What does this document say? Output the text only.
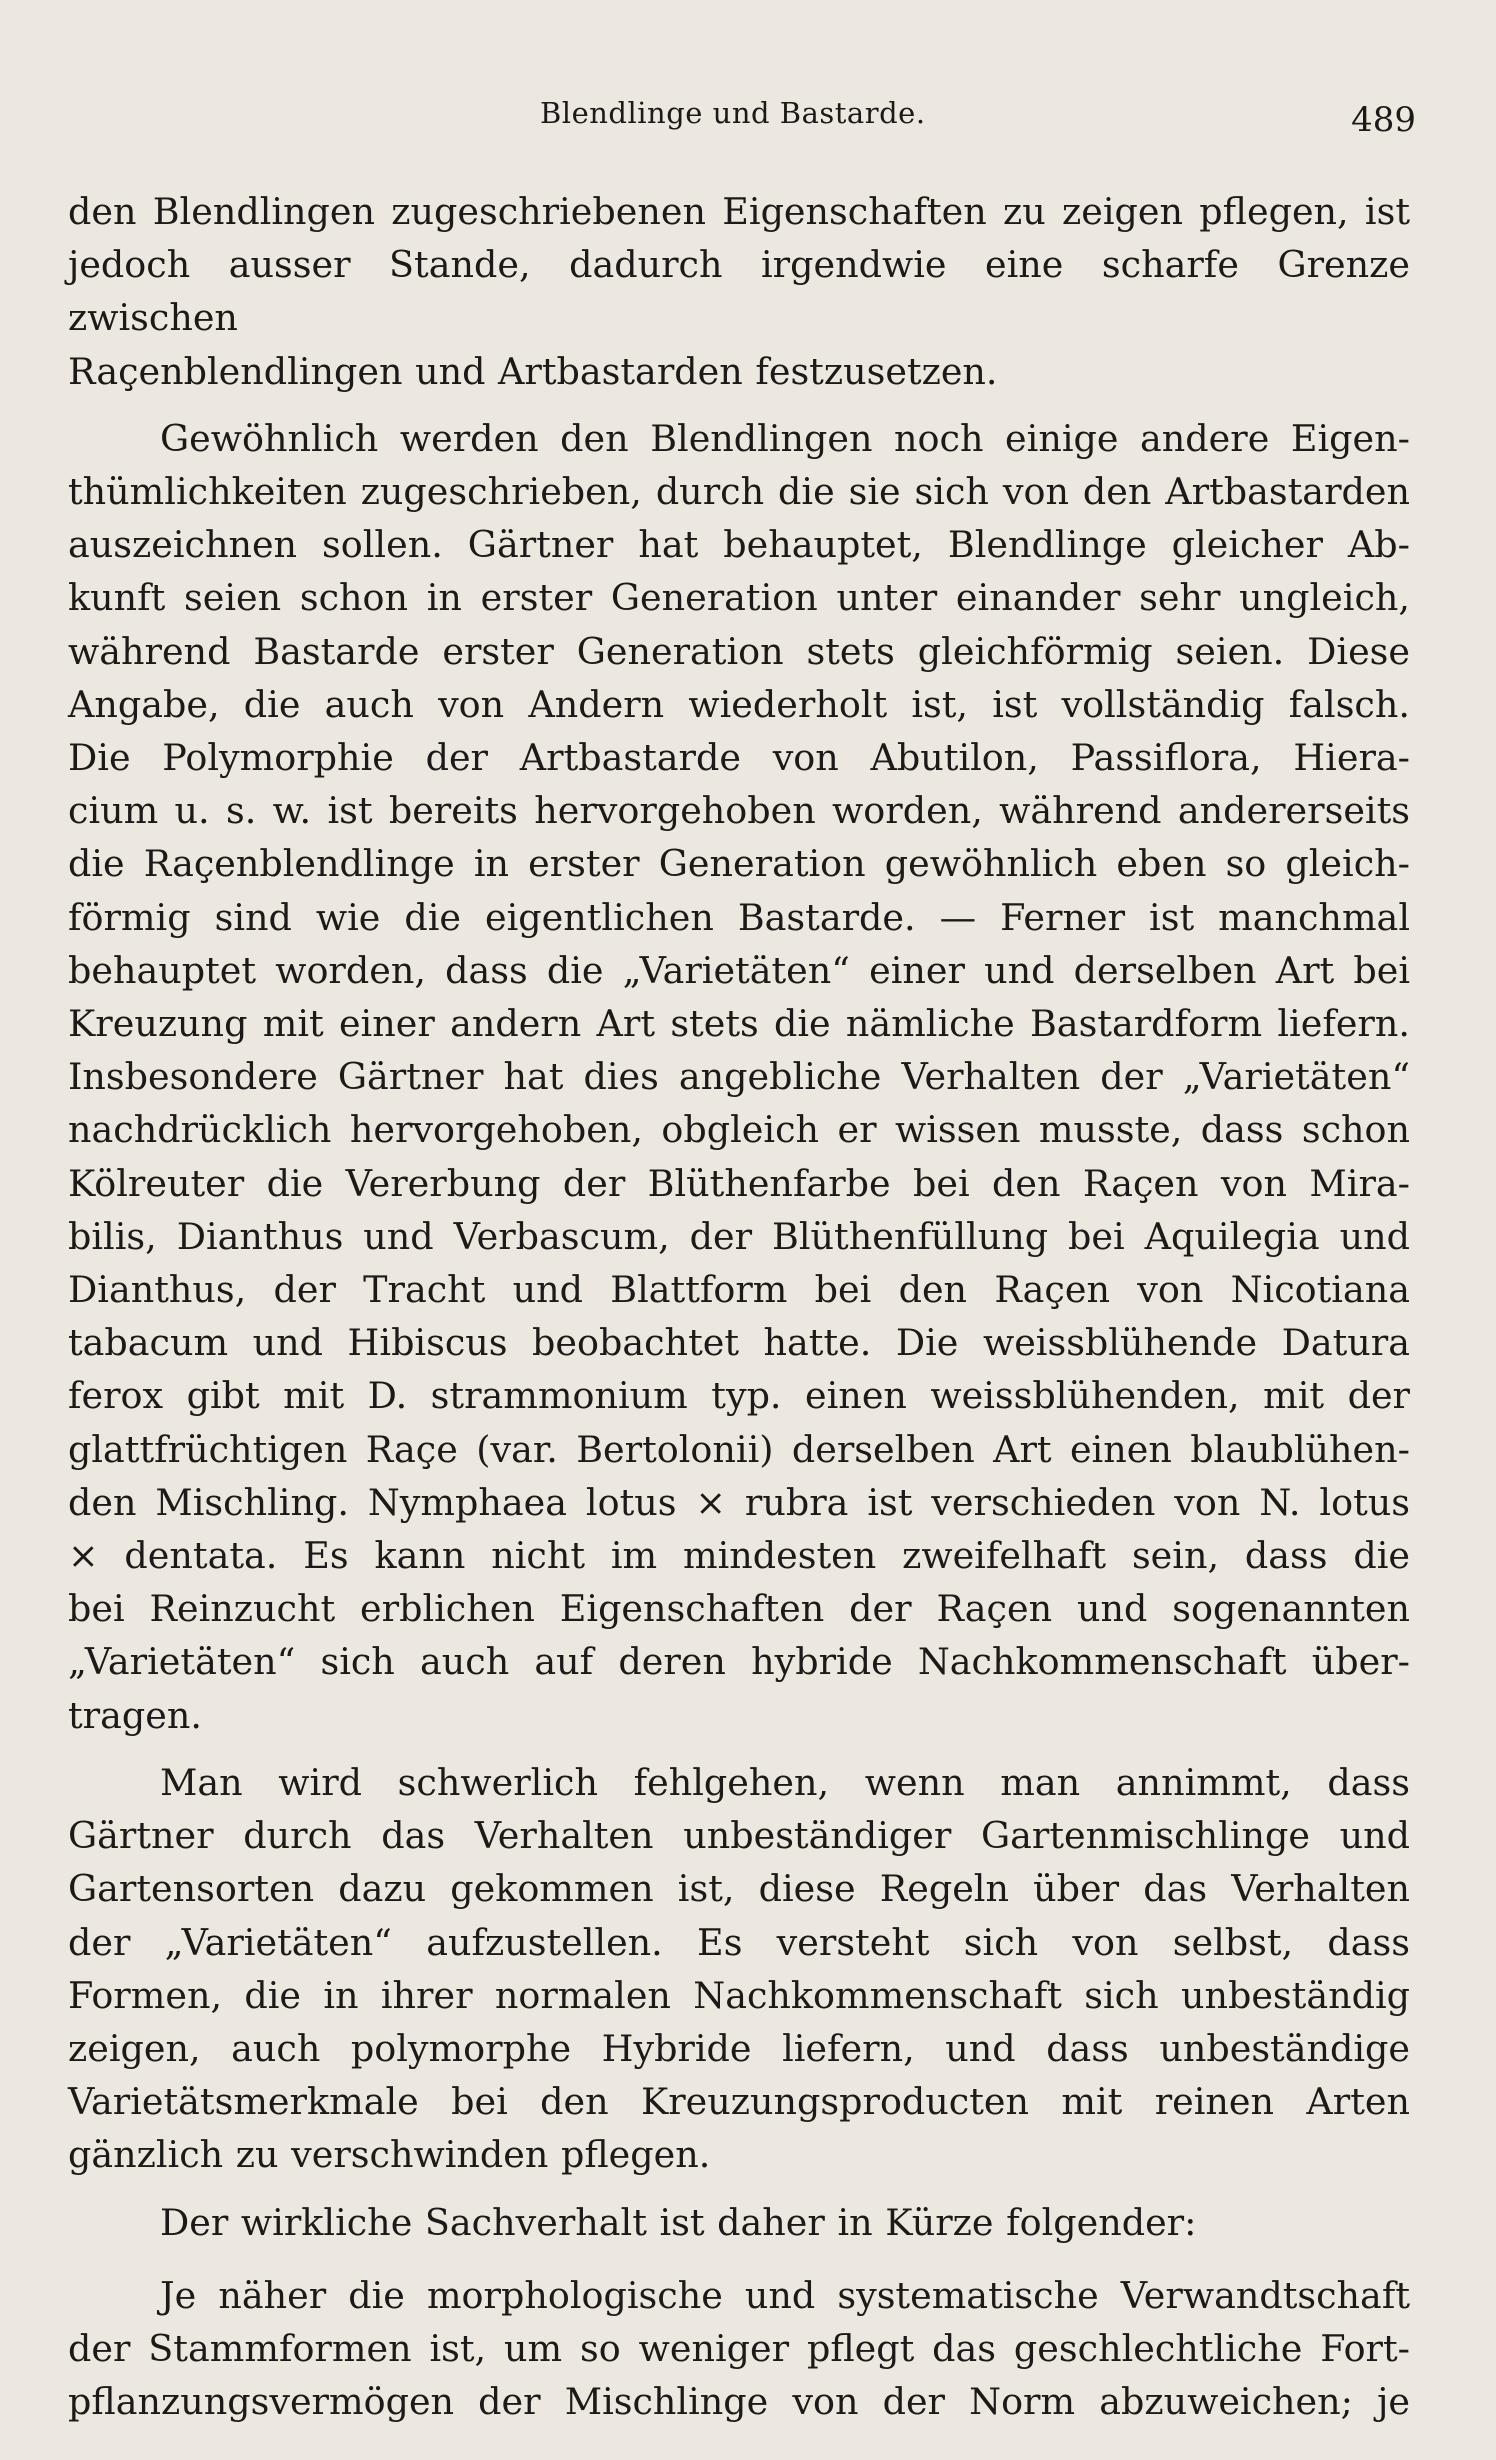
Blendlinge und Bastarde.	489

den Blendlingen zugeschriebenen Eigenschaften zu zeigen pflegen, ist
jedoch ausser Stande, dadurch irgendwie eine scharfe Grenze zwischen
Raçenblendlingen und Artbastarden festzusetzen.

Gewöhnlich werden den Blendlingen noch einige andere Eigen-
thümlichkeiten zugeschrieben, durch die sie sich von den Artbastarden
auszeichnen sollen. Gärtner hat behauptet, Blendlinge gleicher Ab-
kunft seien schon in erster Generation unter einander sehr ungleich,
während Bastarde erster Generation stets gleichförmig seien. Diese
Angabe, die auch von Andern wiederholt ist, ist vollständig falsch.
Die Polymorphie der Artbastarde von Abutilon, Passiflora, Hiera-
cium u. s. w. ist bereits hervorgehoben worden, während andererseits
die Raçenblendlinge in erster Generation gewöhnlich eben so gleich-
förmig sind wie die eigentlichen Bastarde. — Ferner ist manchmal
behauptet worden, dass die „Varietäten“ einer und derselben Art bei
Kreuzung mit einer andern Art stets die nämliche Bastardform liefern.
Insbesondere Gärtner hat dies angebliche Verhalten der „Varietäten“
nachdrücklich hervorgehoben, obgleich er wissen musste, dass schon
Kölreuter die Vererbung der Blüthenfarbe bei den Raçen von Mira-
bilis, Dianthus und Verbascum, der Blüthenfüllung bei Aquilegia und
Dianthus, der Tracht und Blattform bei den Raçen von Nicotiana
tabacum und Hibiscus beobachtet hatte. Die weissblühende Datura
ferox gibt mit D. strammonium typ. einen weissblühenden, mit der
glattfrüchtigen Raçe (var. Bertolonii) derselben Art einen blaublühen-
den Mischling. Nymphaea lotus × rubra ist verschieden von N. lotus
× dentata. Es kann nicht im mindesten zweifelhaft sein, dass die
bei Reinzucht erblichen Eigenschaften der Raçen und sogenannten
„Varietäten“ sich auch auf deren hybride Nachkommenschaft über-
tragen.

Man wird schwerlich fehlgehen, wenn man annimmt, dass
Gärtner durch das Verhalten unbeständiger Gartenmischlinge und
Gartensorten dazu gekommen ist, diese Regeln über das Verhalten
der „Varietäten“ aufzustellen. Es versteht sich von selbst, dass
Formen, die in ihrer normalen Nachkommenschaft sich unbeständig
zeigen, auch polymorphe Hybride liefern, und dass unbeständige
Varietätsmerkmale bei den Kreuzungsproducten mit reinen Arten
gänzlich zu verschwinden pflegen.

Der wirkliche Sachverhalt ist daher in Kürze folgender:

Je näher die morphologische und systematische Verwandtschaft
der Stammformen ist, um so weniger pflegt das geschlechtliche Fort-
pflanzungsvermögen der Mischlinge von der Norm abzuweichen; je
